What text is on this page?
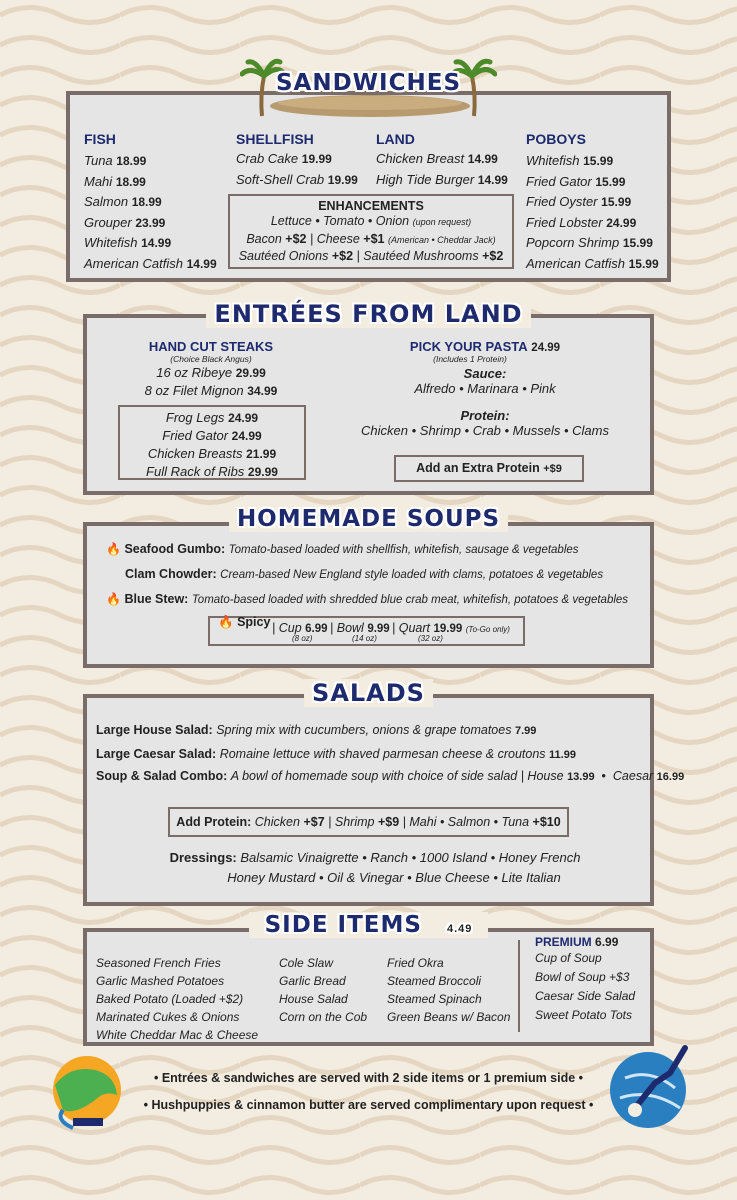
SANDWICHES
FISH
Tuna 18.99
Mahi 18.99
Salmon 18.99
Grouper 23.99
Whitefish 14.99
American Catfish 14.99
SHELLFISH
Crab Cake 19.99
Soft-Shell Crab 19.99
LAND
Chicken Breast 14.99
High Tide Burger 14.99
POBOYS
Whitefish 15.99
Fried Gator 15.99
Fried Oyster 15.99
Fried Lobster 24.99
Popcorn Shrimp 15.99
American Catfish 15.99
ENHANCEMENTS
Lettuce • Tomato • Onion (upon request)
Bacon +$2 | Cheese +$1 (American • Cheddar Jack)
Sautéed Onions +$2 | Sautéed Mushrooms +$2
ENTRÉES FROM LAND
HAND CUT STEAKS
(Choice Black Angus)
16 oz Ribeye 29.99
8 oz Filet Mignon 34.99
Frog Legs 24.99
Fried Gator 24.99
Chicken Breasts 21.99
Full Rack of Ribs 29.99
PICK YOUR PASTA 24.99
(Includes 1 Protein)
Sauce:
Alfredo • Marinara • Pink
Protein:
Chicken • Shrimp • Crab • Mussels • Clams
Add an Extra Protein +$9
HOMEMADE SOUPS
🔥 Seafood Gumbo: Tomato-based loaded with shellfish, whitefish, sausage & vegetables
Clam Chowder: Cream-based New England style loaded with clams, potatoes & vegetables
🔥 Blue Stew: Tomato-based loaded with shredded blue crab meat, whitefish, potatoes & vegetables
🔥 Spicy | Cup 6.99
(8 oz)
| Bowl 9.99
(14 oz)
| Quart 19.99 (To-Go only)
(32 oz)
SALADS
Large House Salad: Spring mix with cucumbers, onions & grape tomatoes 7.99
Large Caesar Salad: Romaine lettuce with shaved parmesan cheese & croutons 11.99
Soup & Salad Combo: A bowl of homemade soup with choice of side salad | House 13.99 • Caesar 16.99
Add Protein: Chicken +$7 | Shrimp +$9 | Mahi • Salmon • Tuna +$10
Dressings: Balsamic Vinaigrette • Ranch • 1000 Island • Honey French
Honey Mustard • Oil & Vinegar • Blue Cheese • Lite Italian
SIDE ITEMS 4.49
Seasoned French Fries
Garlic Mashed Potatoes
Baked Potato (Loaded +$2)
Marinated Cukes & Onions
White Cheddar Mac & Cheese
Cole Slaw
Garlic Bread
House Salad
Corn on the Cob
Fried Okra
Steamed Broccoli
Steamed Spinach
Green Beans w/ Bacon
PREMIUM 6.99
Cup of Soup
Bowl of Soup +$3
Caesar Side Salad
Sweet Potato Tots
• Entrées & sandwiches are served with 2 side items or 1 premium side •
• Hushpuppies & cinnamon butter are served complimentary upon request •
